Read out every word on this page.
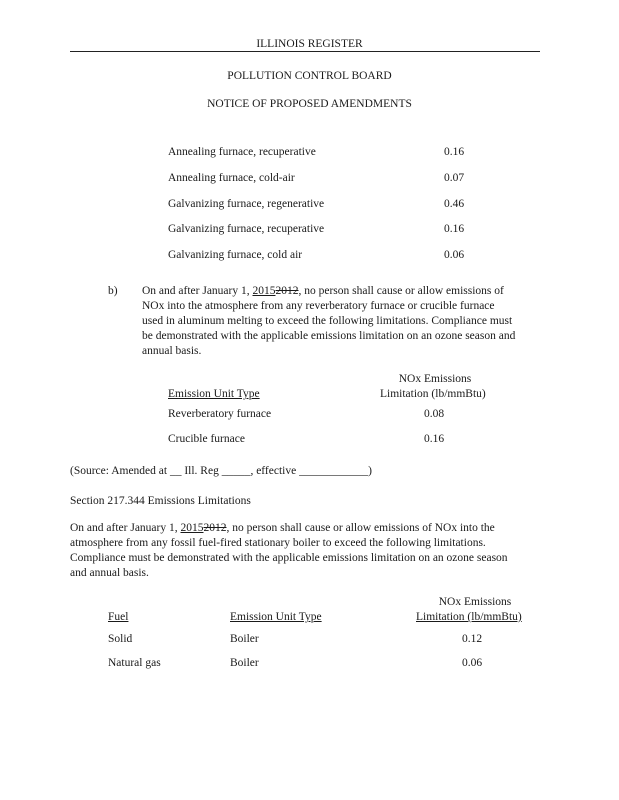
ILLINOIS REGISTER
POLLUTION CONTROL BOARD
NOTICE OF PROPOSED AMENDMENTS
Annealing furnace, recuperative	0.16
Annealing furnace, cold-air	0.07
Galvanizing furnace, regenerative	0.46
Galvanizing furnace, recuperative	0.16
Galvanizing furnace, cold air	0.06
b) On and after January 1, 20152012, no person shall cause or allow emissions of
NOx into the atmosphere from any reverberatory furnace or crucible furnace
used in aluminum melting to exceed the following limitations. Compliance must
be demonstrated with the applicable emissions limitation on an ozone season and
annual basis.
NOx Emissions
Emission Unit Type	Limitation (lb/mmBtu)
Reverberatory furnace	0.08
Crucible furnace	0.16
(Source: Amended at __ Ill. Reg _____, effective ____________)
Section 217.344 Emissions Limitations
On and after January 1, 20152012, no person shall cause or allow emissions of NOx into the
atmosphere from any fossil fuel-fired stationary boiler to exceed the following limitations.
Compliance must be demonstrated with the applicable emissions limitation on an ozone season
and annual basis.
NOx Emissions
Fuel	Emission Unit Type	Limitation (lb/mmBtu)
Solid	Boiler	0.12
Natural gas	Boiler	0.06
